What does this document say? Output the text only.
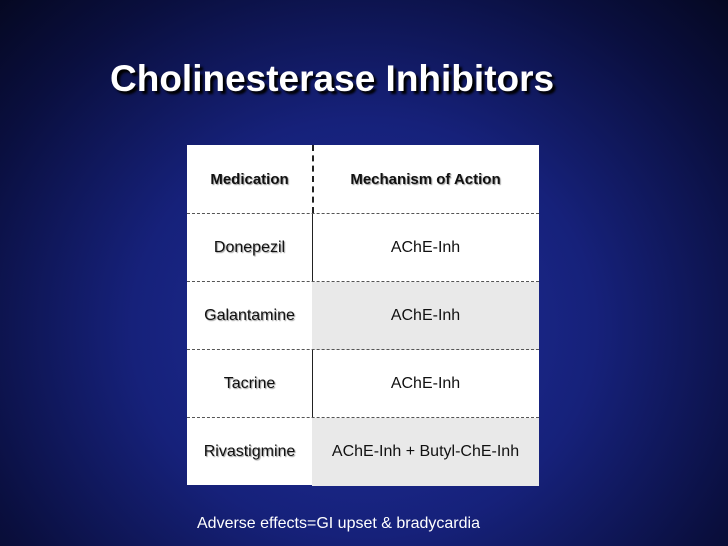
Cholinesterase Inhibitors
Medication	Mechanism of Action
Donepezil	AChE-Inh
Galantamine	AChE-Inh
Tacrine	AChE-Inh
Rivastigmine	AChE-Inh + Butyl-ChE-Inh
Adverse effects=GI upset & bradycardia
